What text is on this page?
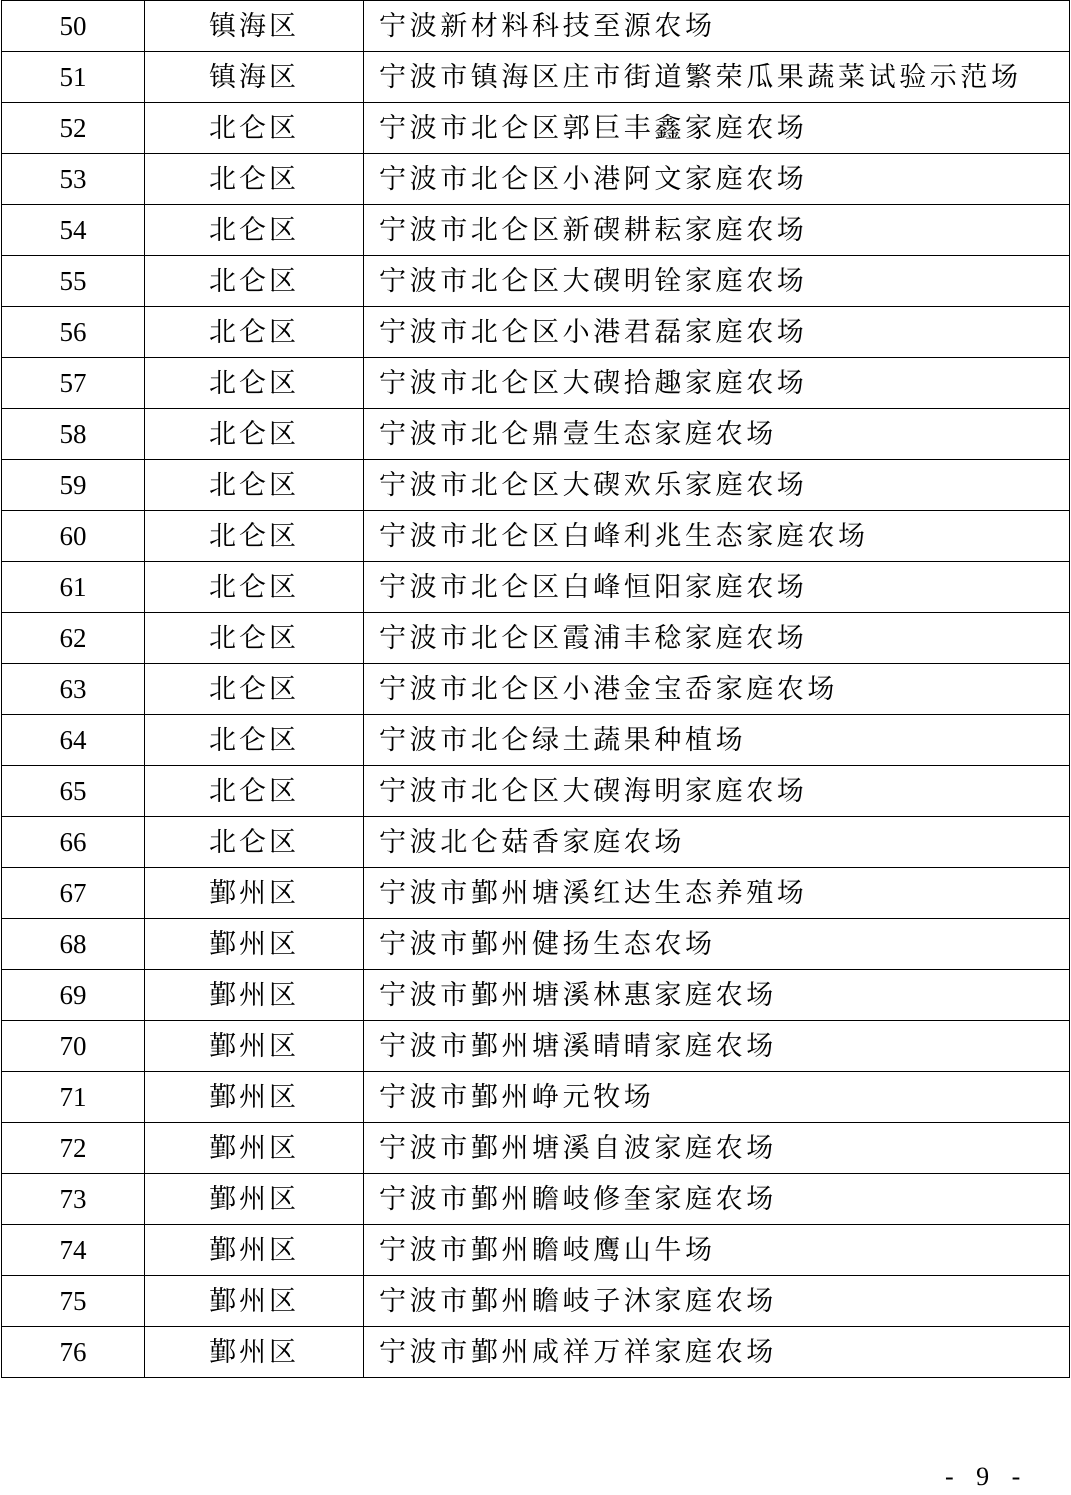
50	镇海区	宁波新材料科技至源农场
51	镇海区	宁波市镇海区庄市街道繁荣瓜果蔬菜试验示范场
52	北仑区	宁波市北仑区郭巨丰鑫家庭农场
53	北仑区	宁波市北仑区小港阿文家庭农场
54	北仑区	宁波市北仑区新碶耕耘家庭农场
55	北仑区	宁波市北仑区大碶明铨家庭农场
56	北仑区	宁波市北仑区小港君磊家庭农场
57	北仑区	宁波市北仑区大碶拾趣家庭农场
58	北仑区	宁波市北仑鼎壹生态家庭农场
59	北仑区	宁波市北仑区大碶欢乐家庭农场
60	北仑区	宁波市北仑区白峰利兆生态家庭农场
61	北仑区	宁波市北仑区白峰恒阳家庭农场
62	北仑区	宁波市北仑区霞浦丰稔家庭农场
63	北仑区	宁波市北仑区小港金宝岙家庭农场
64	北仑区	宁波市北仑绿土蔬果种植场
65	北仑区	宁波市北仑区大碶海明家庭农场
66	北仑区	宁波北仑菇香家庭农场
67	鄞州区	宁波市鄞州塘溪红达生态养殖场
68	鄞州区	宁波市鄞州健扬生态农场
69	鄞州区	宁波市鄞州塘溪林惠家庭农场
70	鄞州区	宁波市鄞州塘溪晴晴家庭农场
71	鄞州区	宁波市鄞州峥元牧场
72	鄞州区	宁波市鄞州塘溪自波家庭农场
73	鄞州区	宁波市鄞州瞻岐修奎家庭农场
74	鄞州区	宁波市鄞州瞻岐鹰山牛场
75	鄞州区	宁波市鄞州瞻岐子沐家庭农场
76	鄞州区	宁波市鄞州咸祥万祥家庭农场
- 9 -
